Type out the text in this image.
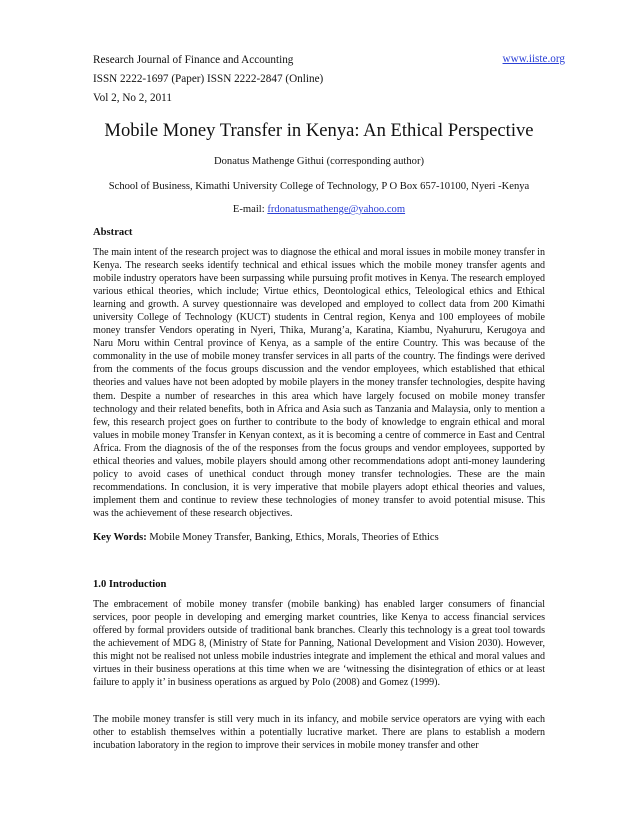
Research Journal of Finance and Accounting	www.iiste.org
ISSN 2222-1697 (Paper) ISSN 2222-2847 (Online)
Vol 2, No 2, 2011
Mobile Money Transfer in Kenya: An Ethical Perspective
Donatus Mathenge Githui (corresponding author)
School of Business, Kimathi University College of Technology, P O Box 657-10100, Nyeri -Kenya
E-mail: frdonatusmathenge@yahoo.com
Abstract

The main intent of the research project was to diagnose the ethical and moral issues in mobile money transfer in Kenya. The research seeks identify technical and ethical issues which the mobile money transfer agents and mobile industry operators have been surpassing while pursuing profit motives in Kenya. The research employed various ethical theories, which include; Virtue ethics, Deontological ethics, Teleological ethics and Ethical learning and growth. A survey questionnaire was developed and employed to collect data from 200 Kimathi university College of Technology (KUCT) students in Central region, Kenya and 100 employees of mobile money transfer Vendors operating in Nyeri, Thika, Murang’a, Karatina, Kiambu, Nyahururu, Kerugoya and Naru Moru within Central province of Kenya, as a sample of the entire Country. This was because of the commonality in the use of mobile money transfer services in all parts of the country. The findings were derived from the comments of the focus groups discussion and the vendor employees, which established that ethical theories and values have not been adopted by mobile players in the money transfer technologies, despite having them. Despite a number of researches in this area which have largely focused on mobile money transfer technology and their related benefits, both in Africa and Asia such as Tanzania and Malaysia, only to mention a few, this research project goes on further to contribute to the body of knowledge to engrain ethical and moral values in mobile money Transfer in Kenyan context, as it is becoming a centre of commerce in East and Central Africa. From the diagnosis of the of the responses from the focus groups and vendor employees, supported by ethical theories and values, mobile players should among other recommendations adopt anti-money laundering policy to avoid cases of unethical conduct through money transfer technologies. These are the main recommendations. In conclusion, it is very imperative that mobile players adopt ethical theories and values, implement them and continue to review these technologies of money transfer to avoid potential misuse. This was the achievement of these research objectives.

Key Words: Mobile Money Transfer, Banking, Ethics, Morals, Theories of Ethics
1.0 Introduction

The embracement of mobile money transfer (mobile banking) has enabled larger consumers of financial services, poor people in developing and emerging market countries, like Kenya to access financial services offered by formal providers outside of traditional bank branches. Clearly this technology is a great tool towards the achievement of MDG 8, (Ministry of State for Panning, National Development and Vision 2030). However, this might not be realised not unless mobile industries integrate and implement the ethical and moral values and virtues in their business operations at this time when we are ‘witnessing the disintegration of ethics or at least failure to apply it’ in business operations as argued by Polo (2008) and Gomez (1999).

The mobile money transfer is still very much in its infancy, and mobile service operators are vying with each other to establish themselves within a potentially lucrative market. There are plans to establish a modern incubation laboratory in the region to improve their services in mobile money transfer and other
